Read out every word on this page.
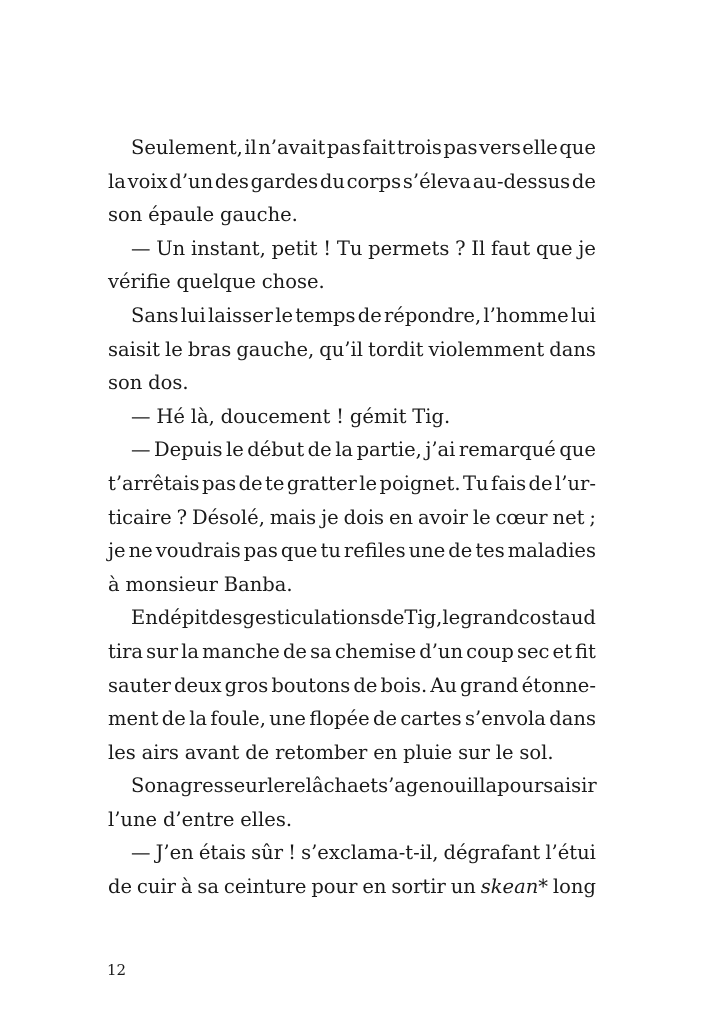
Seulement, il n’avait pas fait trois pas vers elle que
la voix d’un des gardes du corps s’éleva au-dessus de
son épaule gauche.
— Un instant, petit ! Tu permets ? Il faut que je
vérifie quelque chose.
Sans lui laisser le temps de répondre, l’homme lui
saisit le bras gauche, qu’il tordit violemment dans
son dos.
— Hé là, doucement ! gémit Tig.
— Depuis le début de la partie, j’ai remarqué que
t’arrêtais pas de te gratter le poignet. Tu fais de l’ur-
ticaire ? Désolé, mais je dois en avoir le cœur net ;
je ne voudrais pas que tu refiles une de tes maladies
à monsieur Banba.
En dépit des gesticulations de Tig, le grand costaud
tira sur la manche de sa chemise d’un coup sec et fit
sauter deux gros boutons de bois. Au grand étonne-
ment de la foule, une flopée de cartes s’envola dans
les airs avant de retomber en pluie sur le sol.
Son agresseur le relâcha et s’agenouilla pour saisir
l’une d’entre elles.
— J’en étais sûr ! s’exclama-t-il, dégrafant l’étui
de cuir à sa ceinture pour en sortir un skean* long
12
